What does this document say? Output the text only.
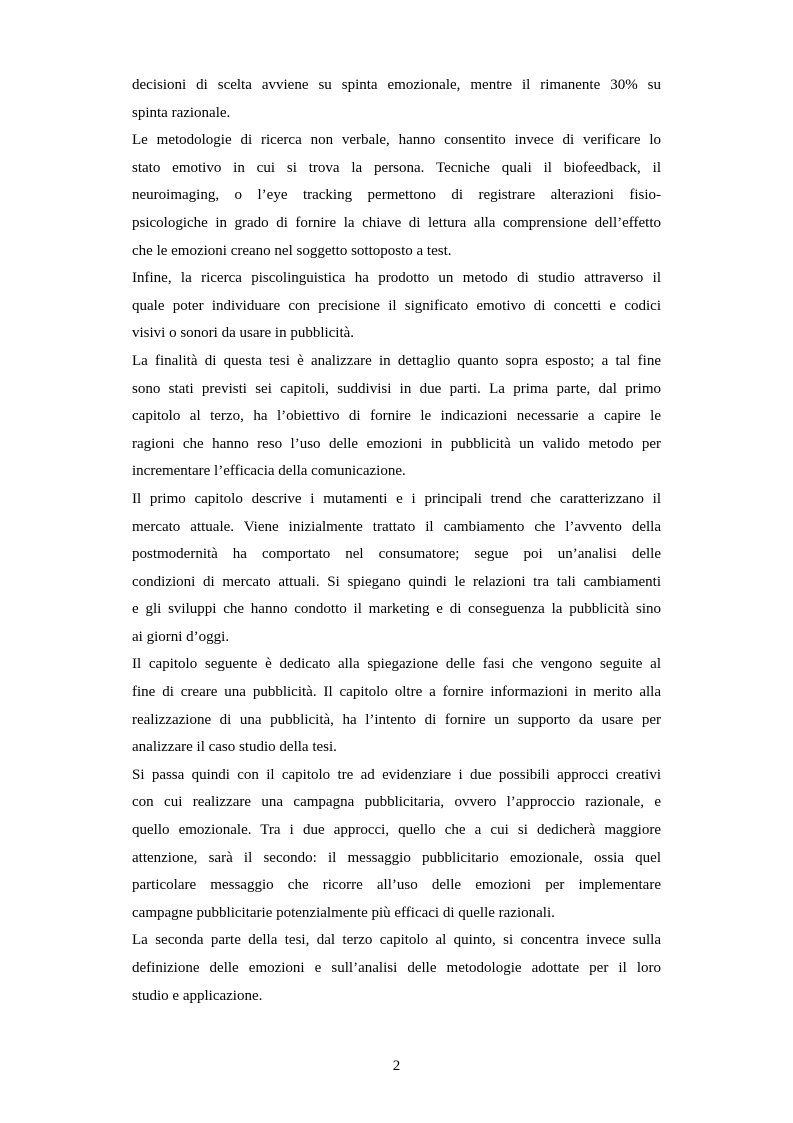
decisioni di scelta avviene su spinta emozionale, mentre il rimanente 30% su
spinta razionale.
Le metodologie di ricerca non verbale, hanno consentito invece di verificare lo
stato emotivo in cui si trova la persona. Tecniche quali il biofeedback, il
neuroimaging, o l’eye tracking permettono di registrare alterazioni fisio-
psicologiche in grado di fornire la chiave di lettura alla comprensione dell’effetto
che le emozioni creano nel soggetto sottoposto a test.
Infine, la ricerca piscolinguistica ha prodotto un metodo di studio attraverso il
quale poter individuare con precisione il significato emotivo di concetti e codici
visivi o sonori da usare in pubblicità.
La finalità di questa tesi è analizzare in dettaglio quanto sopra esposto; a tal fine
sono stati previsti sei capitoli, suddivisi in due parti. La prima parte, dal primo
capitolo al terzo, ha l’obiettivo di fornire le indicazioni necessarie a capire le
ragioni che hanno reso l’uso delle emozioni in pubblicità un valido metodo per
incrementare l’efficacia della comunicazione.
Il primo capitolo descrive i mutamenti e i principali trend che caratterizzano il
mercato attuale. Viene inizialmente trattato il cambiamento che l’avvento della
postmodernità ha comportato nel consumatore; segue poi un’analisi delle
condizioni di mercato attuali. Si spiegano quindi le relazioni tra tali cambiamenti
e gli sviluppi che hanno condotto il marketing e di conseguenza la pubblicità sino
ai giorni d’oggi.
Il capitolo seguente è dedicato alla spiegazione delle fasi che vengono seguite al
fine di creare una pubblicità. Il capitolo oltre a fornire informazioni in merito alla
realizzazione di una pubblicità, ha l’intento di fornire un supporto da usare per
analizzare il caso studio della tesi.
Si passa quindi con il capitolo tre ad evidenziare i due possibili approcci creativi
con cui realizzare una campagna pubblicitaria, ovvero l’approccio razionale, e
quello emozionale. Tra i due approcci, quello che a cui si dedicherà maggiore
attenzione, sarà il secondo: il messaggio pubblicitario emozionale, ossia quel
particolare messaggio che ricorre all’uso delle emozioni per implementare
campagne pubblicitarie potenzialmente più efficaci di quelle razionali.
La seconda parte della tesi, dal terzo capitolo al quinto, si concentra invece sulla
definizione delle emozioni e sull’analisi delle metodologie adottate per il loro
studio e applicazione.
2
